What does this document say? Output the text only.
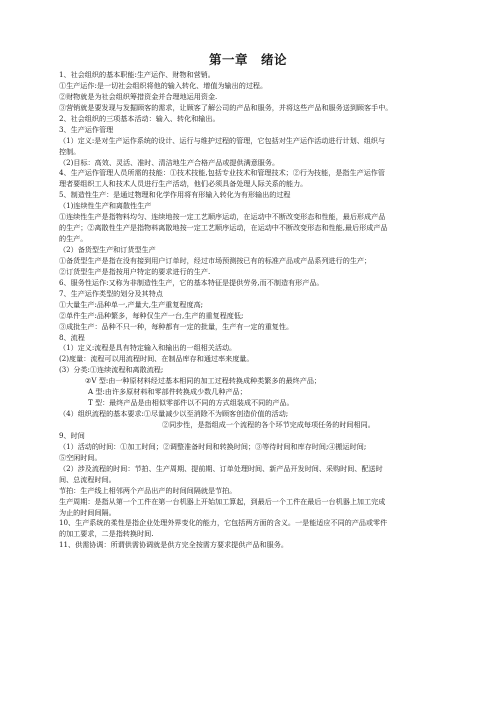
第一章　绪论
1、社会组织的基本职能:生产运作、财物和营销。
①生产运作:是一切社会组织将他的输入转化、增值为输出的过程。
②财物就是为社会组织筹措资金并合理地运用资金.
③营销就是要发现与发掘顾客的需求，让顾客了解公司的产品和服务，并将这些产品和服务送到顾客手中。
2、社会组织的三项基本活动：输入、转化和输出。
3、生产运作管理
（1）定义:是对生产运作系统的设计、运行与维护过程的管理，它包括对生产运作活动进行计划、组织与
控制。
（2)目标：高效、灵活、准时、清洁地生产合格产品或提供满意服务。
4、生产运作管理人员所需的技能：①技术技能,包括专业技术和管理技术；②行为技能，是指生产运作管
理者要组织工人和技术人员进行生产活动，他们必须具备处理人际关系的能力。
5、制造性生产：是通过物理和化学作用将有形输入转化为有形输出的过程
（1)连续性生产和离散性生产
①连续性生产是指物料均匀、连续地按一定工艺顺序运动，在运动中不断改变形态和性能，最后形成产品
的生产；②离散性生产是指物料离散地按一定工艺顺序运动，在运动中不断改变形态和性能,最后形成产品
的生产。
（2）备货型生产和订货型生产
①备货型生产是指在没有接到用户订单时，经过市场预测按已有的标准产品或产品系列进行的生产；
②订货型生产是指按用户特定的要求进行的生产.
6、服务性运作:又称为非制造性生产，它的基本特征是提供劳务,而不制造有形产品。
7、生产运作类型的划分及其特点
①大量生产:品种单一,产量大,生产重复程度高;
②单件生产:品种繁多，每种仅生产一台,生产的重复程度低;
③成批生产：品种不只一种，每种都有一定的批量，生产有一定的重复性。
8、流程
（1）定义:流程是具有特定输入和输出的一组相关活动。
(2)度量：流程可以用流程时间、在制品库存和通过率来度量。
(3）分类:①连续流程和离散流程;
②V 型:由一种原材料经过基本相同的加工过程转换成种类繁多的最终产品；
A 型:由许多原材料和零部件转换成少数几种产品；
T 型：最终产品是由相似零部件以不同的方式组装成不同的产品。
（4）组织流程的基本要求:①尽量减少以至消除不为顾客创造价值的活动;
②同步性，是指组成一个流程的各个环节完成每项任务的时间相同。
9、时间
（1）活动的时间：①加工时间；②调整准备时间和转换时间；③等待时间和库存时间;④搬运时间;
⑤空闲时间。
（2）涉及流程的时间：节拍、生产周期、提前期、订单处理时间、新产品开发时间、采购时间、配送时
间、总流程时间。
节拍：生产线上相邻两个产品出产的时间间隔就是节拍。
生产周期：是指从第一个工件在第一台机器上开始加工算起，到最后一个工件在最后一台机器上加工完成
为止的时间间隔。
10、生产系统的柔性是指企业处理外界变化的能力，它包括两方面的含义。一是能适应不同的产品或零件
的加工要求，二是指转换时间.
11、供需协调：所谓供需协调就是供方完全按需方要求提供产品和服务。
